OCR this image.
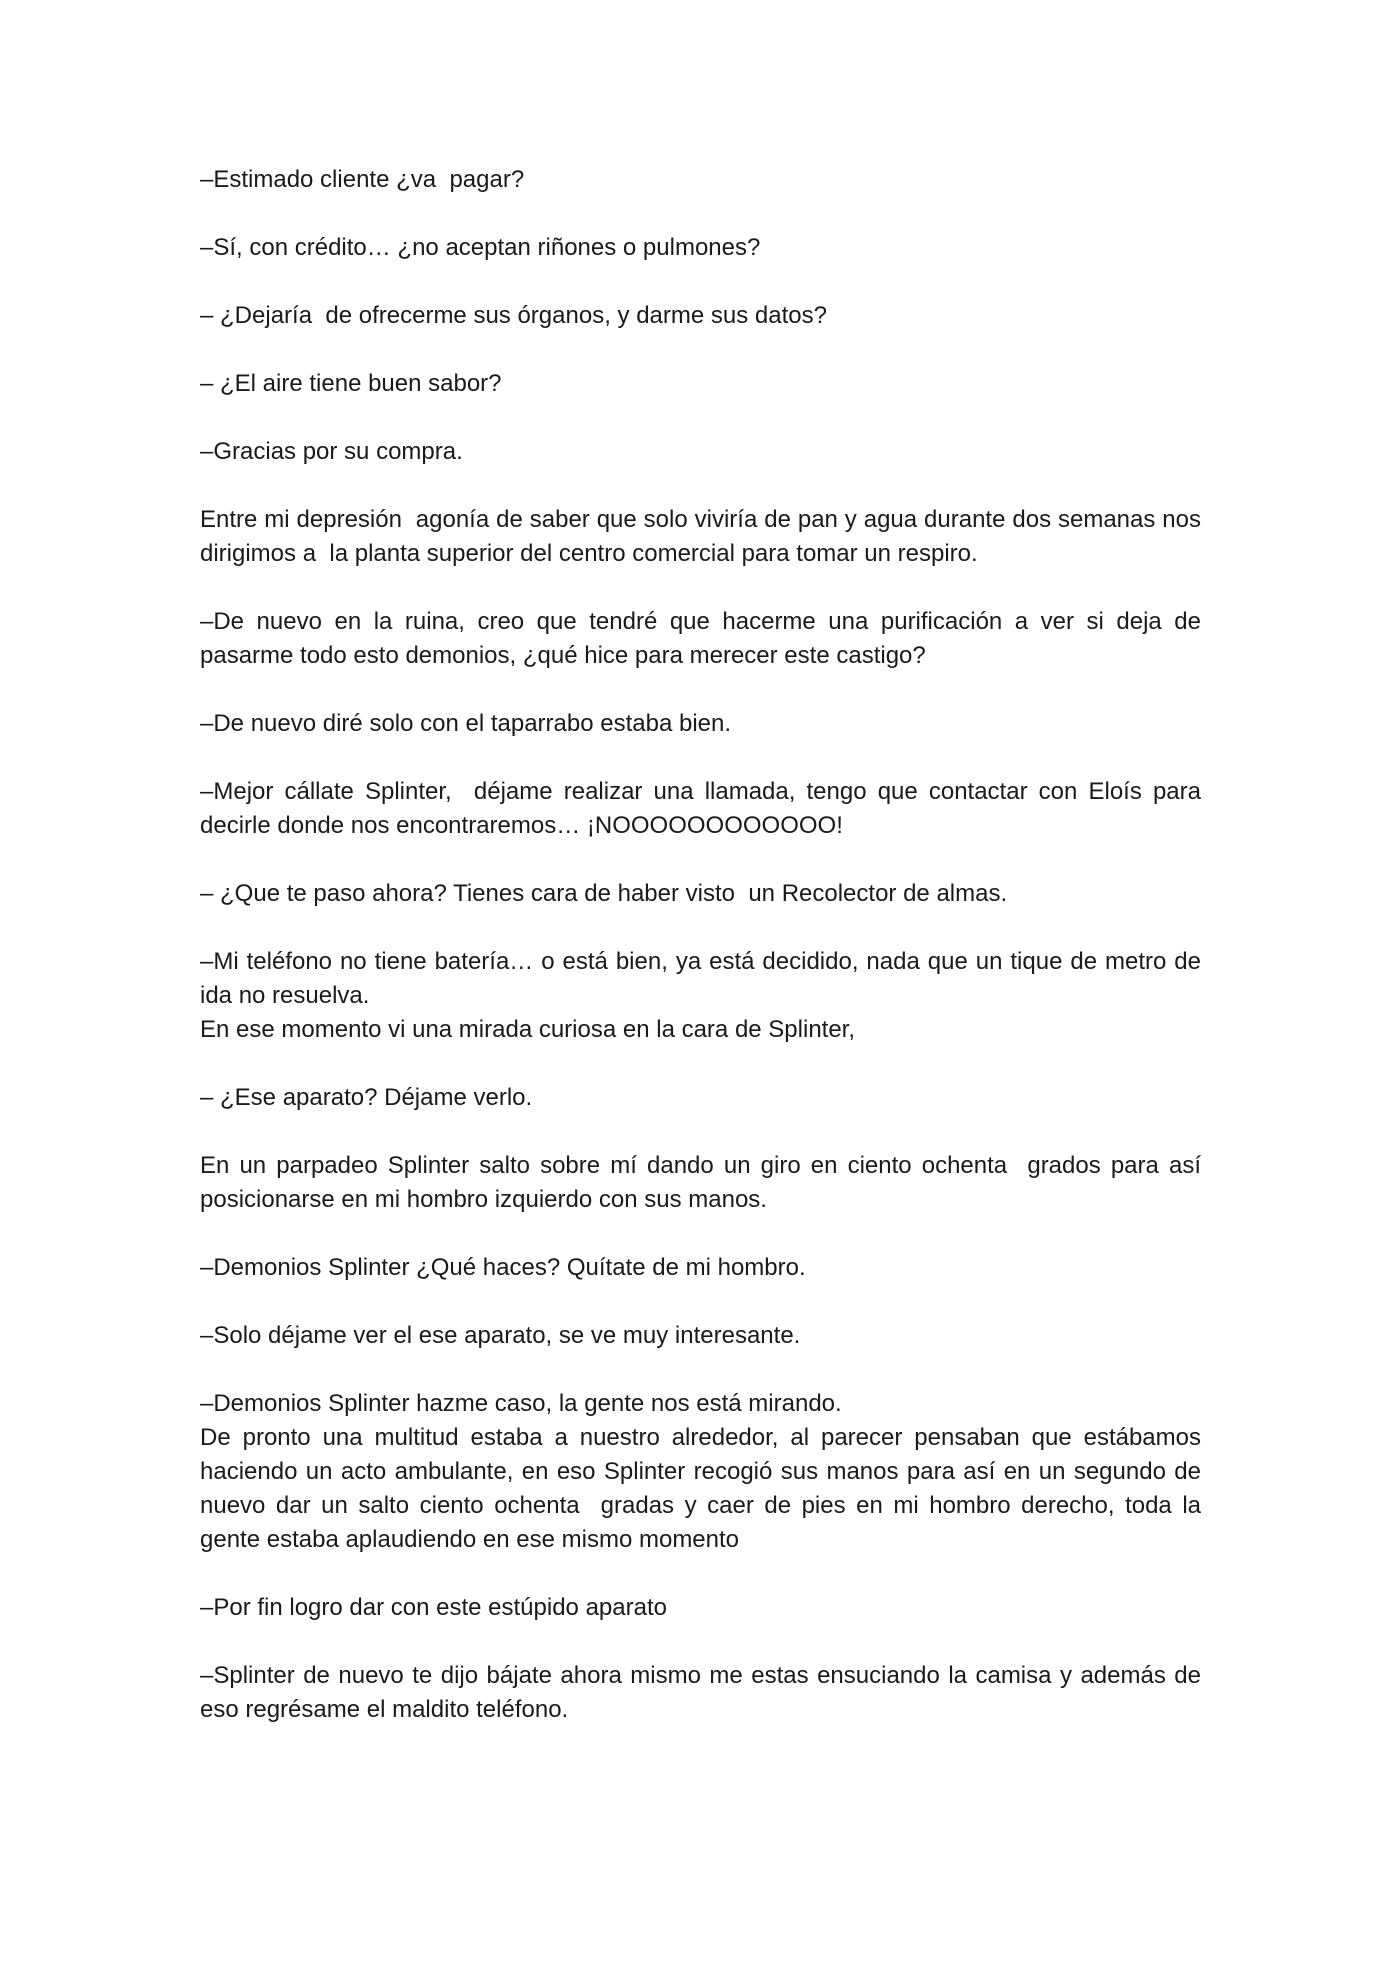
–Estimado cliente ¿va  pagar?

–Sí, con crédito… ¿no aceptan riñones o pulmones?

– ¿Dejaría  de ofrecerme sus órganos, y darme sus datos?

– ¿El aire tiene buen sabor?

–Gracias por su compra.

Entre mi depresión  agonía de saber que solo viviría de pan y agua durante dos semanas nos dirigimos a  la planta superior del centro comercial para tomar un respiro.

–De nuevo en la ruina, creo que tendré que hacerme una purificación a ver si deja de pasarme todo esto demonios, ¿qué hice para merecer este castigo?

–De nuevo diré solo con el taparrabo estaba bien.

–Mejor cállate Splinter,  déjame realizar una llamada, tengo que contactar con Eloís para decirle donde nos encontraremos… ¡NOOOOOOOOOOOO!

– ¿Que te paso ahora? Tienes cara de haber visto  un Recolector de almas.

–Mi teléfono no tiene batería… o está bien, ya está decidido, nada que un tique de metro de ida no resuelva.

En ese momento vi una mirada curiosa en la cara de Splinter,

– ¿Ese aparato? Déjame verlo.

En un parpadeo Splinter salto sobre mí dando un giro en ciento ochenta  grados para así posicionarse en mi hombro izquierdo con sus manos.

–Demonios Splinter ¿Qué haces? Quítate de mi hombro.

–Solo déjame ver el ese aparato, se ve muy interesante.

–Demonios Splinter hazme caso, la gente nos está mirando.

De pronto una multitud estaba a nuestro alrededor, al parecer pensaban que estábamos haciendo un acto ambulante, en eso Splinter recogió sus manos para así en un segundo de nuevo dar un salto ciento ochenta  gradas y caer de pies en mi hombro derecho, toda la gente estaba aplaudiendo en ese mismo momento

–Por fin logro dar con este estúpido aparato

–Splinter de nuevo te dijo bájate ahora mismo me estas ensuciando la camisa y además de eso regrésame el maldito teléfono.
